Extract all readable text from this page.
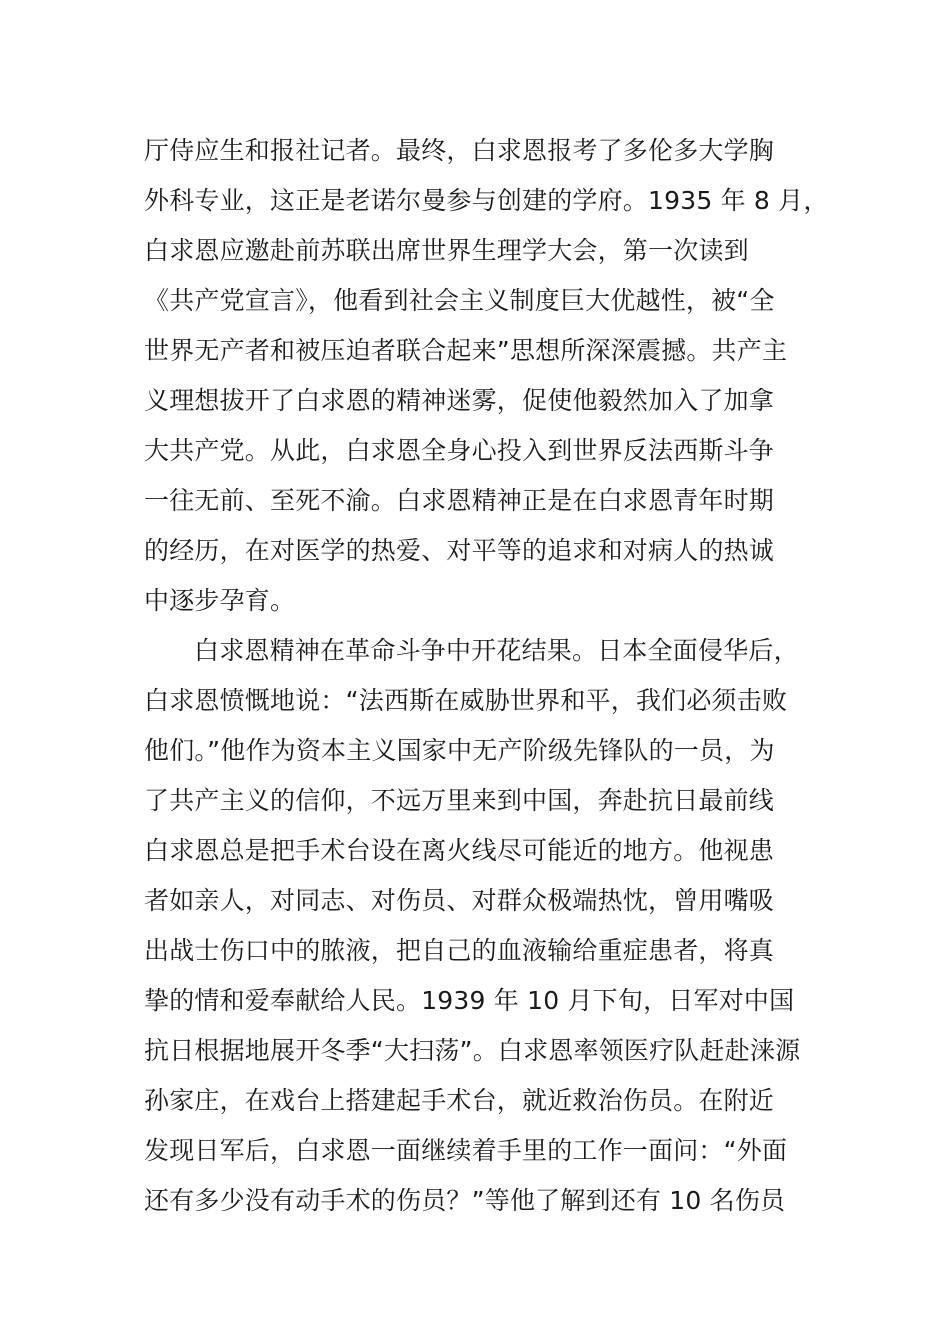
厅侍应生和报社记者。最终，白求恩报考了多伦多大学胸
外科专业，这正是老诺尔曼参与创建的学府。1935 年 8 月，
白求恩应邀赴前苏联出席世界生理学大会，第一次读到
《共产党宣言》，他看到社会主义制度巨大优越性，被“全
世界无产者和被压迫者联合起来”思想所深深震撼。共产主
义理想拔开了白求恩的精神迷雾，促使他毅然加入了加拿
大共产党。从此，白求恩全身心投入到世界反法西斯斗争
一往无前、至死不渝。白求恩精神正是在白求恩青年时期
的经历，在对医学的热爱、对平等的追求和对病人的热诚
中逐步孕育。
白求恩精神在革命斗争中开花结果。日本全面侵华后，
白求恩愤慨地说：“法西斯在威胁世界和平，我们必须击败
他们。”他作为资本主义国家中无产阶级先锋队的一员，为
了共产主义的信仰，不远万里来到中国，奔赴抗日最前线
白求恩总是把手术台设在离火线尽可能近的地方。他视患
者如亲人，对同志、对伤员、对群众极端热忱，曾用嘴吸
出战士伤口中的脓液，把自己的血液输给重症患者，将真
挚的情和爱奉献给人民。1939 年 10 月下旬，日军对中国
抗日根据地展开冬季“大扫荡”。白求恩率领医疗队赶赴涞源
孙家庄，在戏台上搭建起手术台，就近救治伤员。在附近
发现日军后，白求恩一面继续着手里的工作一面问：“外面
还有多少没有动手术的伤员？”等他了解到还有 10 名伤员
